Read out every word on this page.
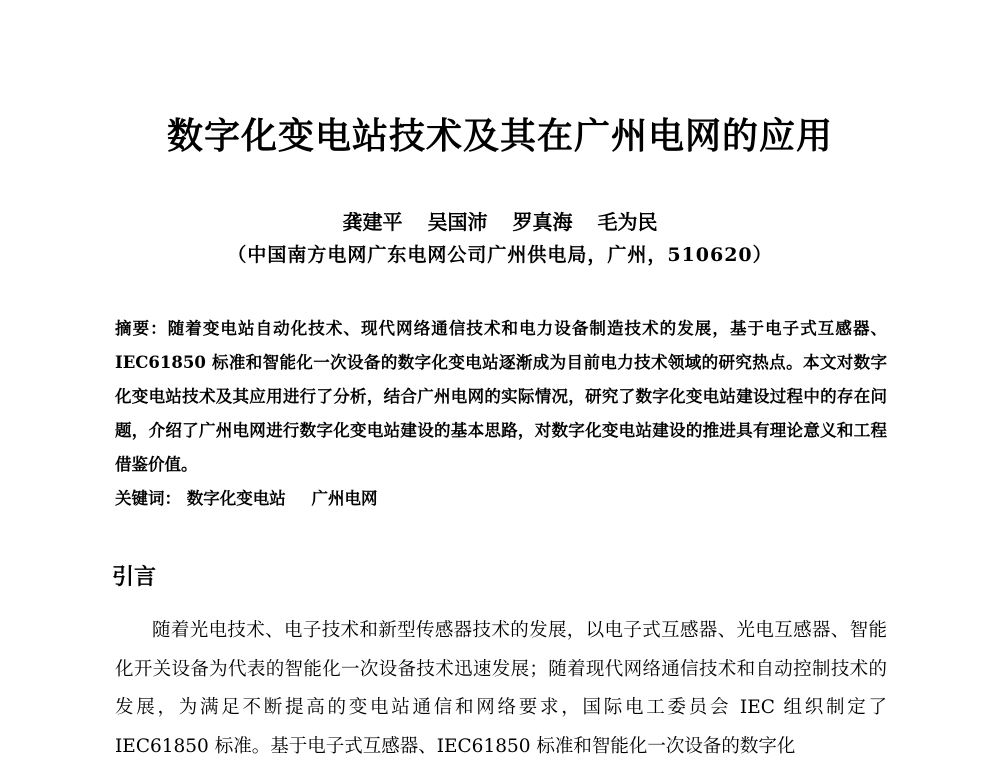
数字化变电站技术及其在广州电网的应用
龚建平 吴国沛 罗真海 毛为民
（中国南方电网广东电网公司广州供电局，广州，510620）
摘要：随着变电站自动化技术、现代网络通信技术和电力设备制造技术的发展，基于电子式互感器、IEC61850 标准和智能化一次设备的数字化变电站逐渐成为目前电力技术领域的研究热点。本文对数字化变电站技术及其应用进行了分析，结合广州电网的实际情况，研究了数字化变电站建设过程中的存在问题，介绍了广州电网进行数字化变电站建设的基本思路，对数字化变电站建设的推进具有理论意义和工程借鉴价值。
关键词： 数字化变电站 广州电网
引言
随着光电技术、电子技术和新型传感器技术的发展，以电子式互感器、光电互感器、智能化开关设备为代表的智能化一次设备技术迅速发展；随着现代网络通信技术和自动控制技术的发展，为满足不断提高的变电站通信和网络要求，国际电工委员会 IEC 组织制定了 IEC61850 标准。基于电子式互感器、IEC61850 标准和智能化一次设备的数字化
